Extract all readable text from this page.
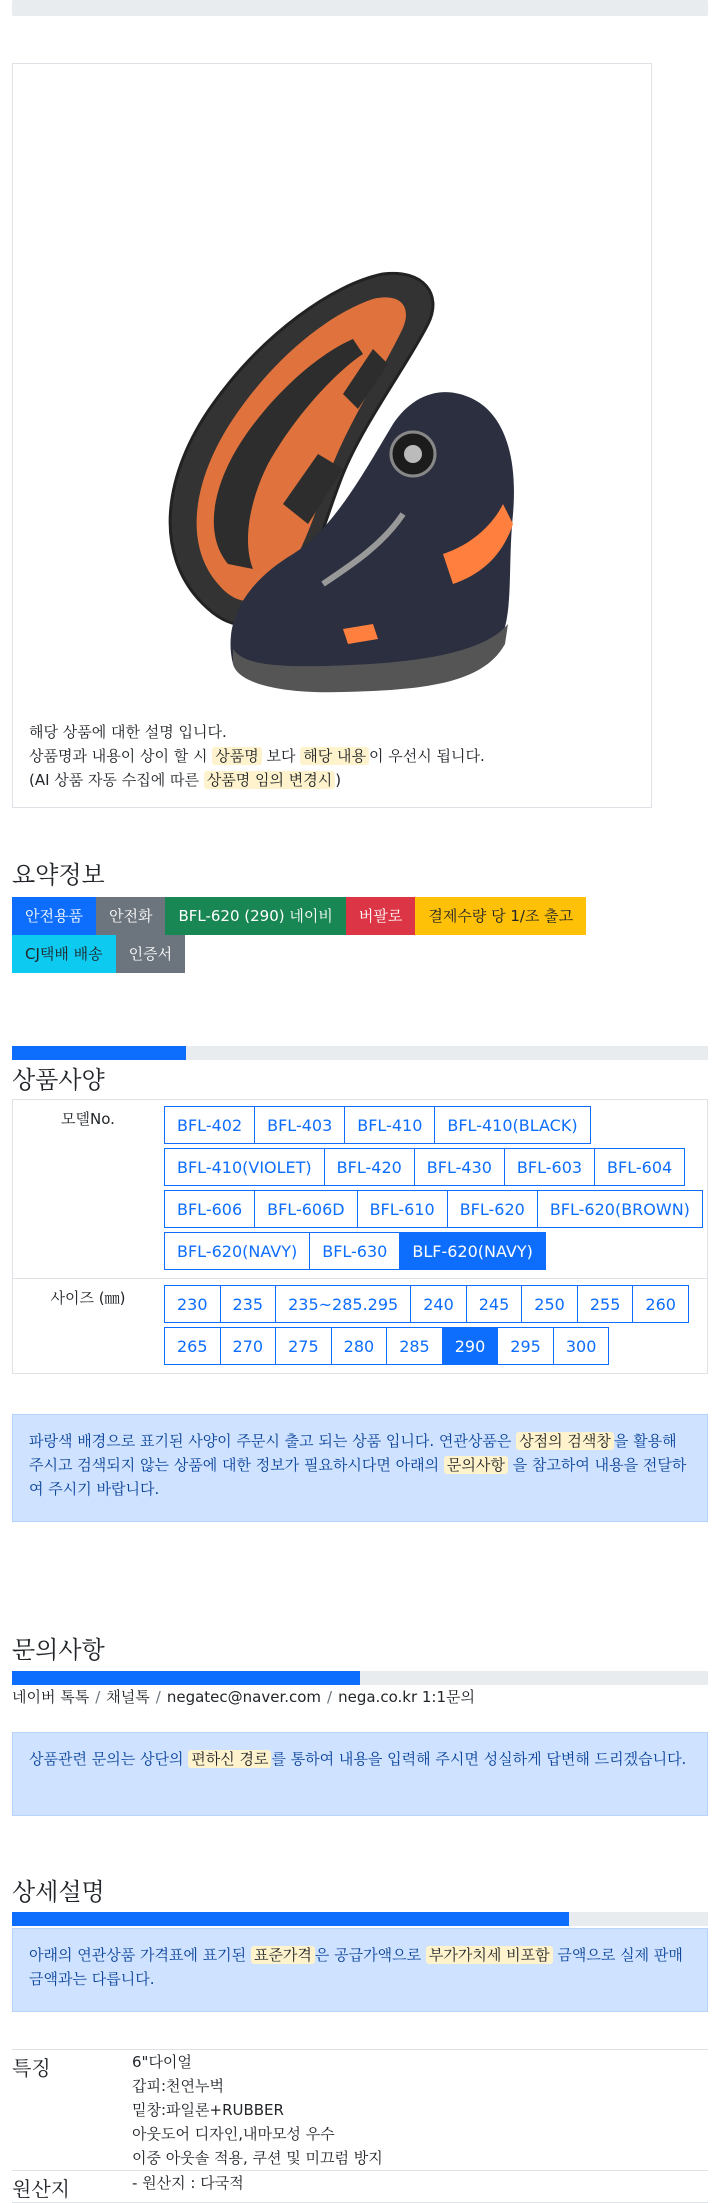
해당 상품에 대한 설명 입니다.
상품명과 내용이 상이 할 시 상품명 보다 해당 내용 이 우선시 됩니다.
(AI 상품 자동 수집에 따른 상품명 임의 변경시 )
요약정보
안전용품	안전화	BFL-620 (290) 네이비	버팔로	결제수량 당 1/조 출고
CJ택배 배송	인증서
상품사양
모델No.	BFL-402	BFL-403	BFL-410	BFL-410(BLACK)
BFL-410(VIOLET)	BFL-420	BFL-430	BFL-603	BFL-604
BFL-606	BFL-606D	BFL-610	BFL-620	BFL-620(BROWN)
BFL-620(NAVY)	BFL-630	BLF-620(NAVY)
사이즈 (㎜)	230	235	235~285.295	240	245	250	255	260
265	270	275	280	285	290	295	300
파랑색 배경으로 표기된 사양이 주문시 출고 되는 상품 입니다. 연관상품은 상점의 검색창 을 활용해 주시고 검색되지 않는 상품에 대한 정보가 필요하시다면 아래의 문의사항 을 참고하여 내용을 전달하여 주시기 바랍니다.
문의사항
네이버 톡톡 / 채널톡 / negatec@naver.com / nega.co.kr 1:1문의
상품관련 문의는 상단의 편하신 경로 를 통하여 내용을 입력해 주시면 성실하게 답변해 드리겠습니다.
상세설명
아래의 연관상품 가격표에 표기된 표준가격 은 공급가액으로 부가가치세 비포함 금액으로 실제 판매금액과는 다릅니다.
특징	6"다이얼
갑피:천연누벅
밑창:파일론+RUBBER
아웃도어 디자인,내마모성 우수
이중 아웃솔 적용, 쿠션 및 미끄럼 방지
원산지	- 원산지 : 다국적
